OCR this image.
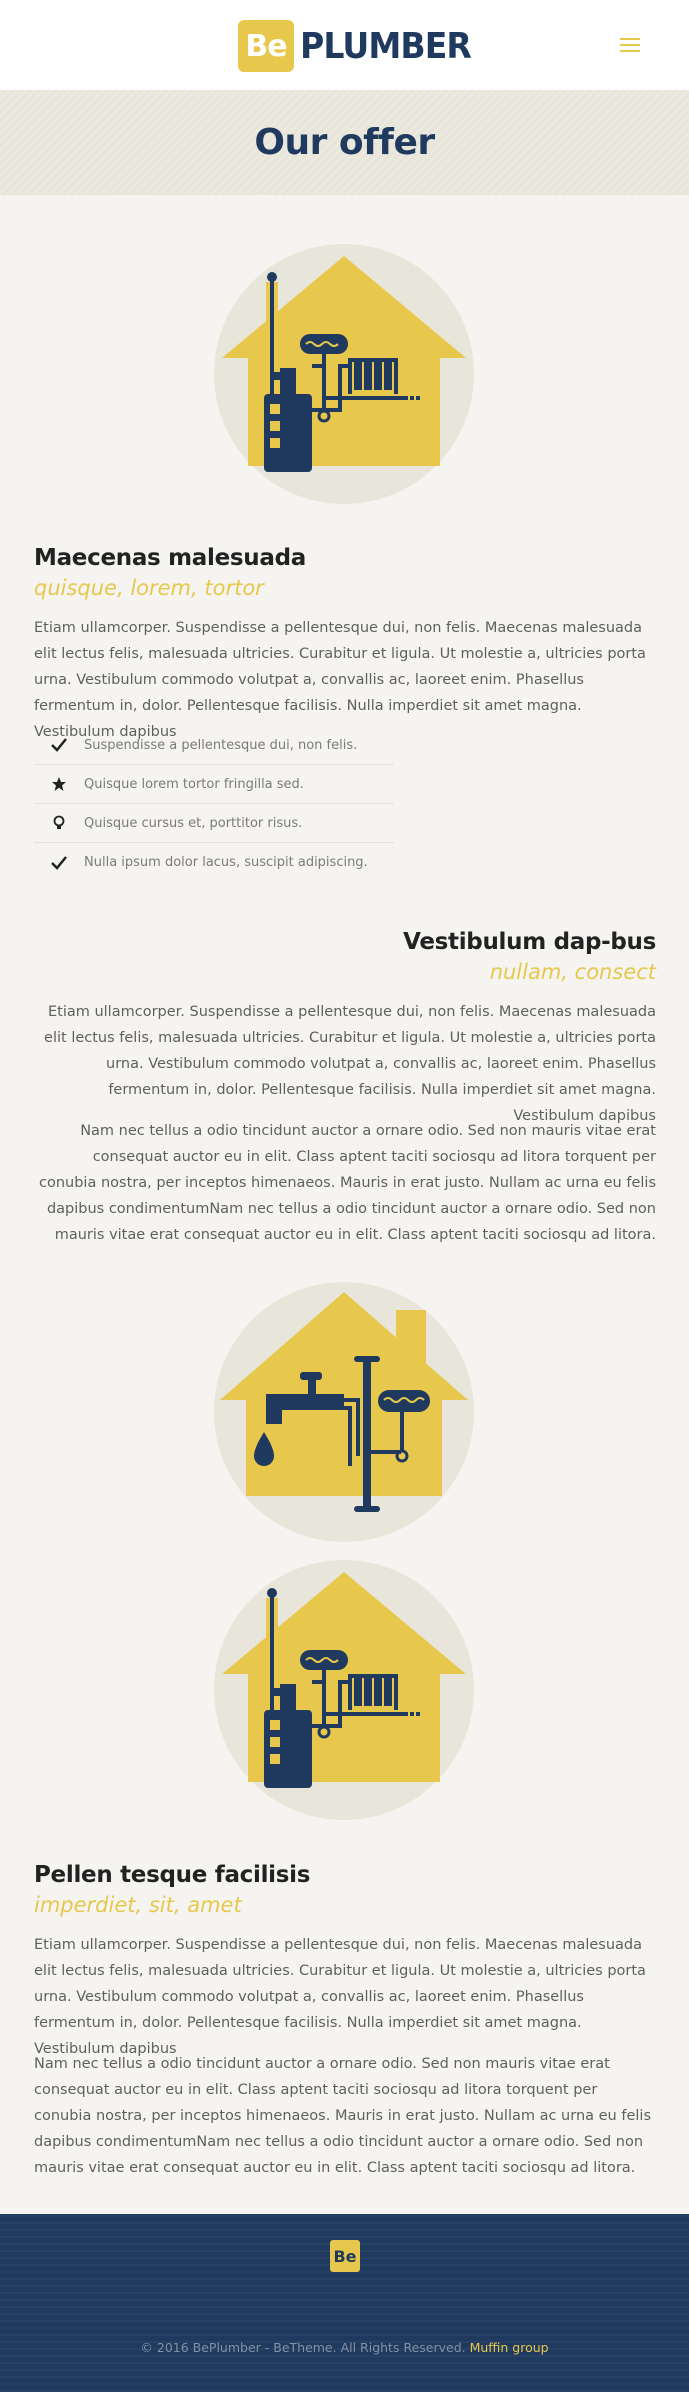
Be PLUMBER
Our offer
Maecenas malesuada
quisque, lorem, tortor
Etiam ullamcorper. Suspendisse a pellentesque dui, non felis. Maecenas malesuada elit lectus felis, malesuada ultricies. Curabitur et ligula. Ut molestie a, ultricies porta urna. Vestibulum commodo volutpat a, convallis ac, laoreet enim. Phasellus fermentum in, dolor. Pellentesque facilisis. Nulla imperdiet sit amet magna. Vestibulum dapibus
Suspendisse a pellentesque dui, non felis.
Quisque lorem tortor fringilla sed.
Quisque cursus et, porttitor risus.
Nulla ipsum dolor lacus, suscipit adipiscing.
Vestibulum dap-bus
nullam, consect
Etiam ullamcorper. Suspendisse a pellentesque dui, non felis. Maecenas malesuada elit lectus felis, malesuada ultricies. Curabitur et ligula. Ut molestie a, ultricies porta urna. Vestibulum commodo volutpat a, convallis ac, laoreet enim. Phasellus fermentum in, dolor. Pellentesque facilisis. Nulla imperdiet sit amet magna. Vestibulum dapibus
Nam nec tellus a odio tincidunt auctor a ornare odio. Sed non mauris vitae erat consequat auctor eu in elit. Class aptent taciti sociosqu ad litora torquent per conubia nostra, per inceptos himenaeos. Mauris in erat justo. Nullam ac urna eu felis dapibus condimentumNam nec tellus a odio tincidunt auctor a ornare odio. Sed non mauris vitae erat consequat auctor eu in elit. Class aptent taciti sociosqu ad litora.
Pellen tesque facilisis
imperdiet, sit, amet
Etiam ullamcorper. Suspendisse a pellentesque dui, non felis. Maecenas malesuada elit lectus felis, malesuada ultricies. Curabitur et ligula. Ut molestie a, ultricies porta urna. Vestibulum commodo volutpat a, convallis ac, laoreet enim. Phasellus fermentum in, dolor. Pellentesque facilisis. Nulla imperdiet sit amet magna. Vestibulum dapibus
Nam nec tellus a odio tincidunt auctor a ornare odio. Sed non mauris vitae erat consequat auctor eu in elit. Class aptent taciti sociosqu ad litora torquent per conubia nostra, per inceptos himenaeos. Mauris in erat justo. Nullam ac urna eu felis dapibus condimentumNam nec tellus a odio tincidunt auctor a ornare odio. Sed non mauris vitae erat consequat auctor eu in elit. Class aptent taciti sociosqu ad litora.
Be
© 2016 BePlumber - BeTheme. All Rights Reserved. Muffin group
